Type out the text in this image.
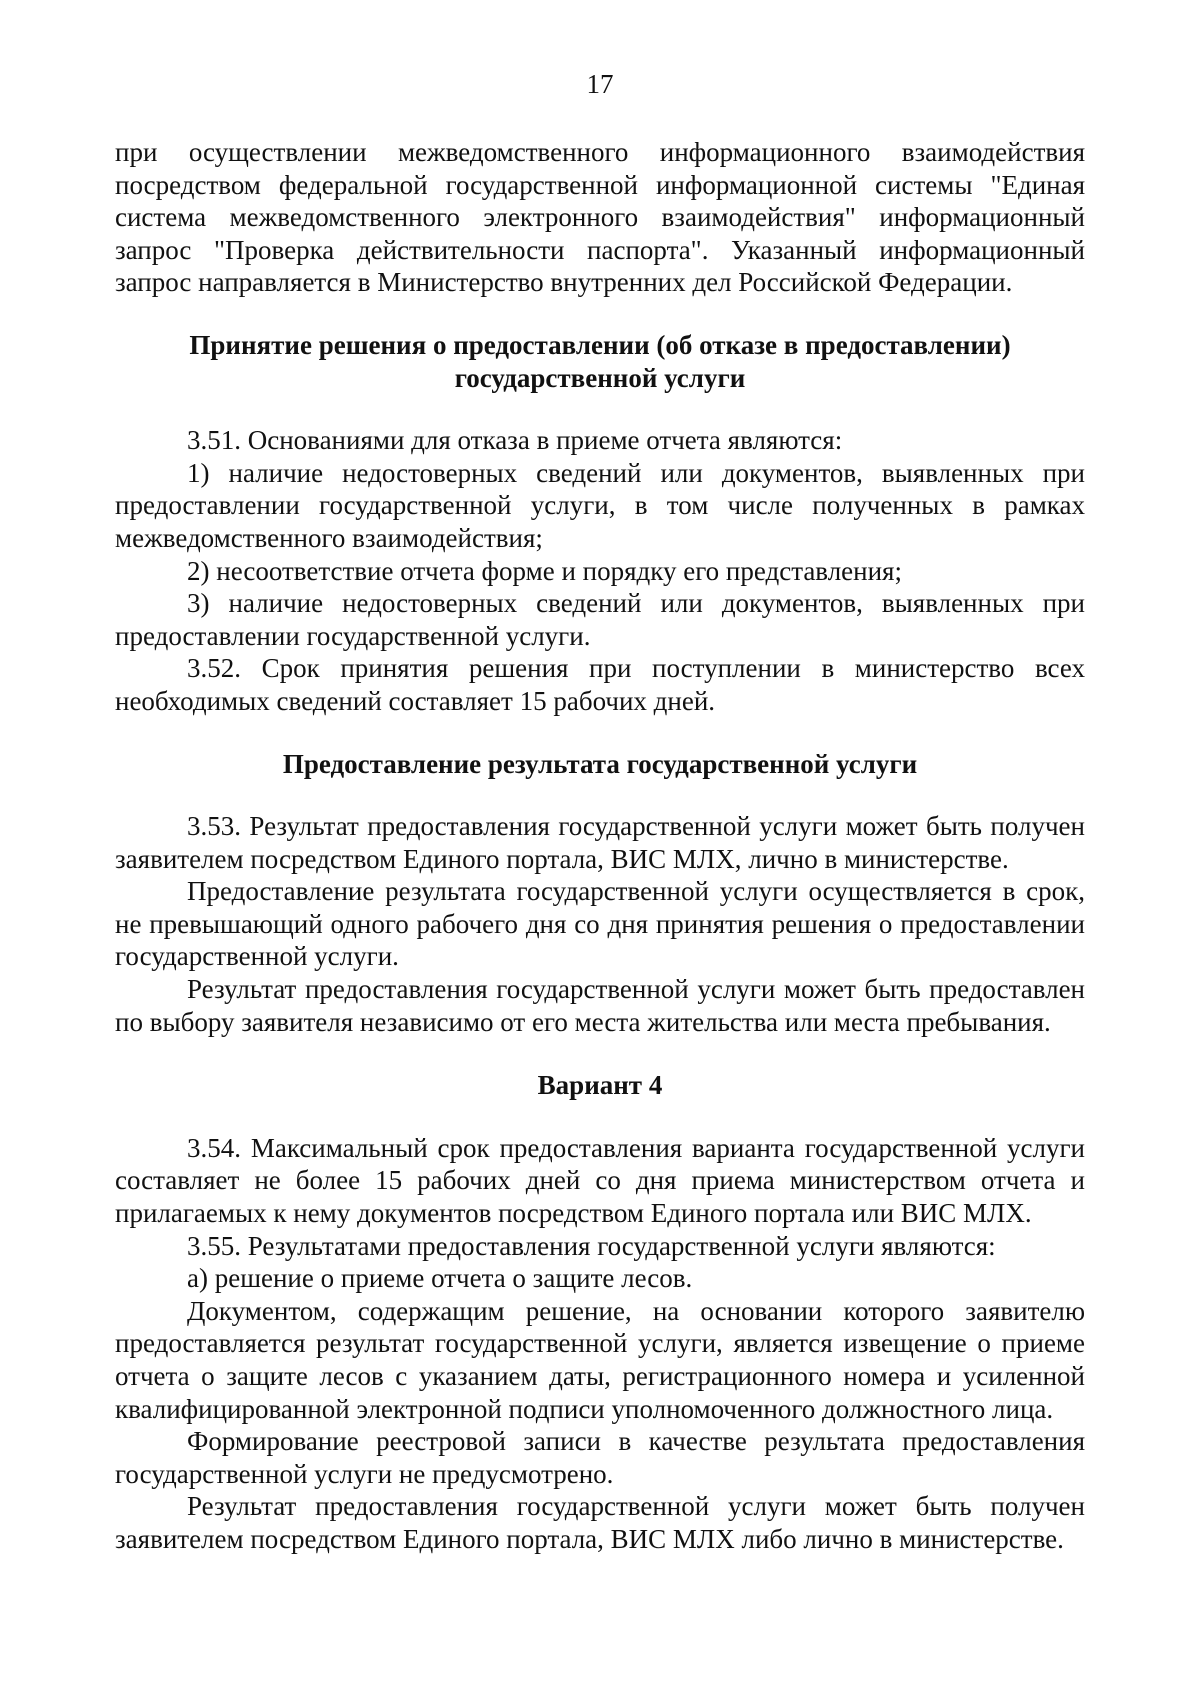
17

при осуществлении межведомственного информационного взаимодействия посредством федеральной государственной информационной системы "Единая система межведомственного электронного взаимодействия" информационный запрос "Проверка действительности паспорта". Указанный информационный запрос направляется в Министерство внутренних дел Российской Федерации.

Принятие решения о предоставлении (об отказе в предоставлении)

государственной услуги

3.51. Основаниями для отказа в приеме отчета являются:

1) наличие недостоверных сведений или документов, выявленных при предоставлении государственной услуги, в том числе полученных в рамках межведомственного взаимодействия;

2) несоответствие отчета форме и порядку его представления;

3) наличие недостоверных сведений или документов, выявленных при предоставлении государственной услуги.

3.52. Срок принятия решения при поступлении в министерство всех необходимых сведений составляет 15 рабочих дней.

Предоставление результата государственной услуги

3.53. Результат предоставления государственной услуги может быть получен заявителем посредством Единого портала, ВИС МЛХ, лично в министерстве.

Предоставление результата государственной услуги осуществляется в срок, не превышающий одного рабочего дня со дня принятия решения о предоставлении государственной услуги.

Результат предоставления государственной услуги может быть предоставлен по выбору заявителя независимо от его места жительства или места пребывания.

Вариант 4

3.54. Максимальный срок предоставления варианта государственной услуги составляет не более 15 рабочих дней со дня приема министерством отчета и прилагаемых к нему документов посредством Единого портала или ВИС МЛХ.

3.55. Результатами предоставления государственной услуги являются:

а) решение о приеме отчета о защите лесов.

Документом, содержащим решение, на основании которого заявителю предоставляется результат государственной услуги, является извещение о приеме отчета о защите лесов с указанием даты, регистрационного номера и усиленной квалифицированной электронной подписи уполномоченного должностного лица.

Формирование реестровой записи в качестве результата предоставления государственной услуги не предусмотрено.

Результат предоставления государственной услуги может быть получен заявителем посредством Единого портала, ВИС МЛХ либо лично в министерстве.
